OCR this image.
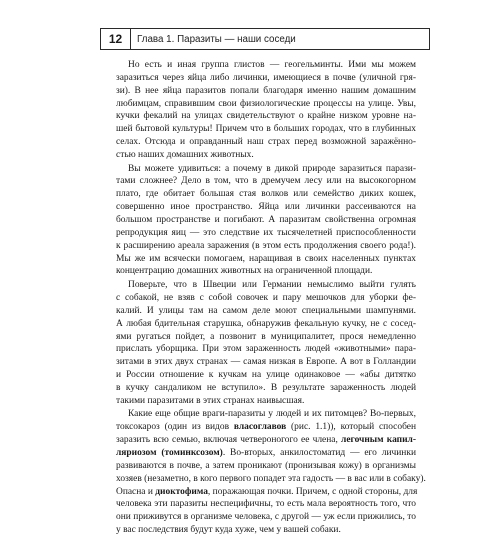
12	Глава 1. Паразиты — наши соседи
Но есть и иная группа глистов — геогельминты. Ими мы можем
заразиться через яйца либо личинки, имеющиеся в почве (уличной гря-
зи). В нее яйца паразитов попали благодаря именно нашим домашним
любимцам, справившим свои физиологические процессы на улице. Увы,
кучки фекалий на улицах свидетельствуют о крайне низком уровне на-
шей бытовой культуры! Причем что в больших городах, что в глубинных
селах. Отсюда и оправданный наш страх перед возможной заражённо-
стью наших домашних животных.
Вы можете удивиться: а почему в дикой природе заразиться парази-
тами сложнее? Дело в том, что в дремучем лесу или на высокогорном
плато, где обитает большая стая волков или семейство диких кошек,
совершенно иное пространство. Яйца или личинки рассеиваются на
большом пространстве и погибают. А паразитам свойственна огромная
репродукция яиц — это следствие их тысячелетней приспособленности
к расширению ареала заражения (в этом есть продолжения своего рода!).
Мы же им всячески помогаем, наращивая в своих населенных пунктах
концентрацию домашних животных на ограниченной площади.
Поверьте, что в Швеции или Германии немыслимо выйти гулять
с собакой, не взяв с собой совочек и пару мешочков для уборки фе-
калий. И улицы там на самом деле моют специальными шампунями.
А любая бдительная старушка, обнаружив фекальную кучку, не с сосед-
ями ругаться пойдет, а позвонит в муниципалитет, прося немедленно
прислать уборщика. При этом зараженность людей «животными» пара-
зитами в этих двух странах — самая низкая в Европе. А вот в Голландии
и России отношение к кучкам на улице одинаковое — «абы дитятко
в кучку сандаликом не вступило». В результате зараженность людей
такими паразитами в этих странах наивысшая.
Какие еще общие враги-паразиты у людей и их питомцев? Во-первых,
токсокароз (один из видов власоглавов (рис. 1.1)), который способен
заразить всю семью, включая четвероногого ее члена, легочным капил-
ляриозом (томинксозом). Во-вторых, анкилостоматид — его личинки
развиваются в почве, а затем проникают (пронизывая кожу) в организмы
хозяев (незаметно, в кого первого попадет эта гадость — в вас или в собаку).
Опасна и диоктофима, поражающая почки. Причем, с одной стороны, для
человека эти паразиты неспецифичны, то есть мала вероятность того, что
они приживутся в организме человека, с другой — уж если прижились, то
у вас последствия будут куда хуже, чем у вашей собаки.
